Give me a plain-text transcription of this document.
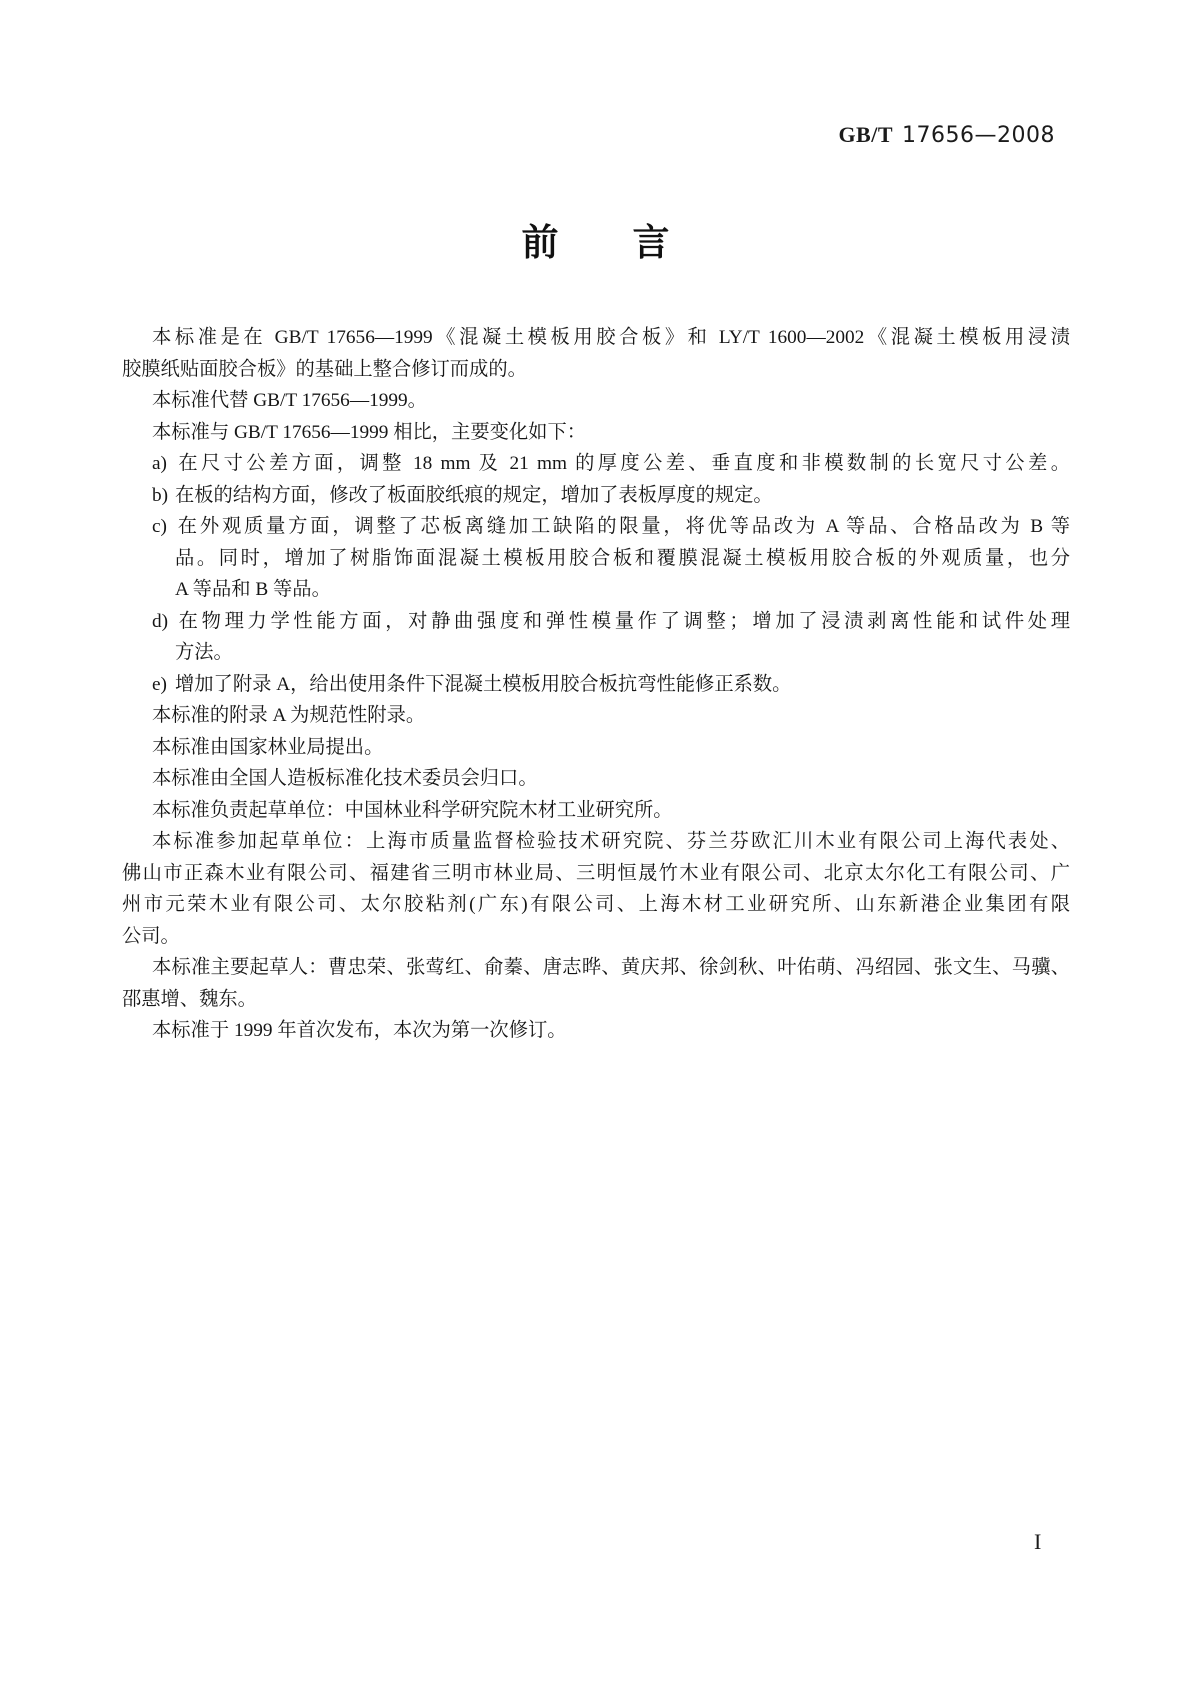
GB/T 17656—2008
前　　言
本标准是在 GB/T 17656—1999《混凝土模板用胶合板》和 LY/T 1600—2002《混凝土模板用浸渍
胶膜纸贴面胶合板》的基础上整合修订而成的。
本标准代替 GB/T 17656—1999。
本标准与 GB/T 17656—1999 相比，主要变化如下：
a) 在尺寸公差方面，调整 18 mm 及 21 mm 的厚度公差、垂直度和非模数制的长宽尺寸公差。
b) 在板的结构方面，修改了板面胶纸痕的规定，增加了表板厚度的规定。
c) 在外观质量方面，调整了芯板离缝加工缺陷的限量，将优等品改为 A 等品、合格品改为 B 等
品。同时，增加了树脂饰面混凝土模板用胶合板和覆膜混凝土模板用胶合板的外观质量，也分
A 等品和 B 等品。
d) 在物理力学性能方面，对静曲强度和弹性模量作了调整；增加了浸渍剥离性能和试件处理
方法。
e) 增加了附录 A，给出使用条件下混凝土模板用胶合板抗弯性能修正系数。
本标准的附录 A 为规范性附录。
本标准由国家林业局提出。
本标准由全国人造板标准化技术委员会归口。
本标准负责起草单位：中国林业科学研究院木材工业研究所。
本标准参加起草单位：上海市质量监督检验技术研究院、芬兰芬欧汇川木业有限公司上海代表处、
佛山市正森木业有限公司、福建省三明市林业局、三明恒晟竹木业有限公司、北京太尔化工有限公司、广
州市元荣木业有限公司、太尔胶粘剂(广东)有限公司、上海木材工业研究所、山东新港企业集团有限
公司。
本标准主要起草人：曹忠荣、张莺红、俞蓁、唐志晔、黄庆邦、徐剑秋、叶佑萌、冯绍园、张文生、马骥、
邵惠增、魏东。
本标准于 1999 年首次发布，本次为第一次修订。
I
